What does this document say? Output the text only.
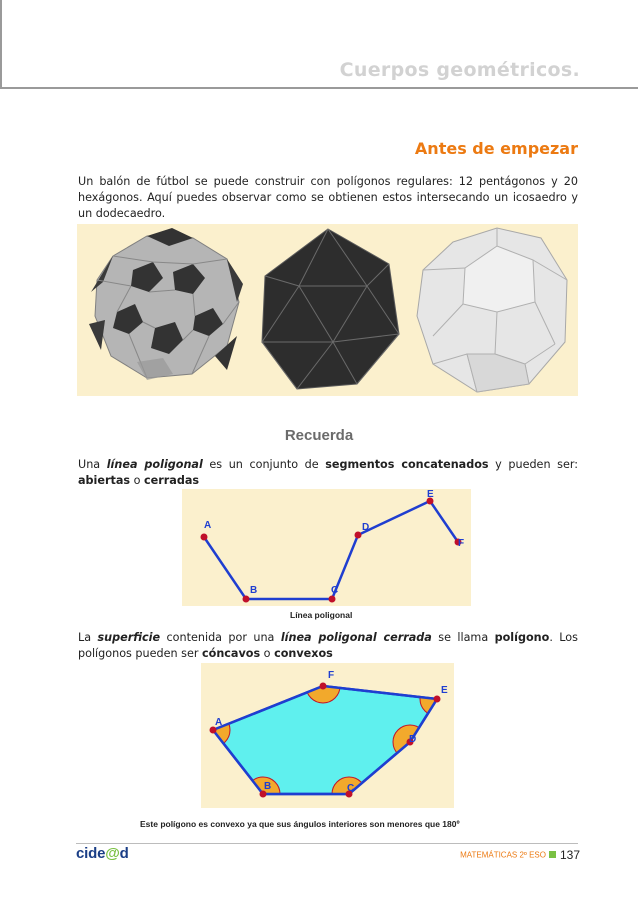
Cuerpos geométricos.
Antes de empezar
Un balón de fútbol se puede construir con polígonos regulares: 12 pentágonos y 20 hexágonos. Aquí puedes observar como se obtienen estos intersecando un icosaedro y un dodecaedro.
Recuerda
Una línea poligonal es un conjunto de segmentos concatenados y pueden ser: abiertas o cerradas
A
B	C
D
E
F
Línea poligonal
La superficie contenida por una línea poligonal cerrada se llama polígono. Los polígonos pueden ser cóncavos o convexos
A
B	C
D
E
F
Este polígono es convexo ya que sus ángulos interiores son menores que 180º
cide@d	MATEMÁTICAS 2º ESO 137
